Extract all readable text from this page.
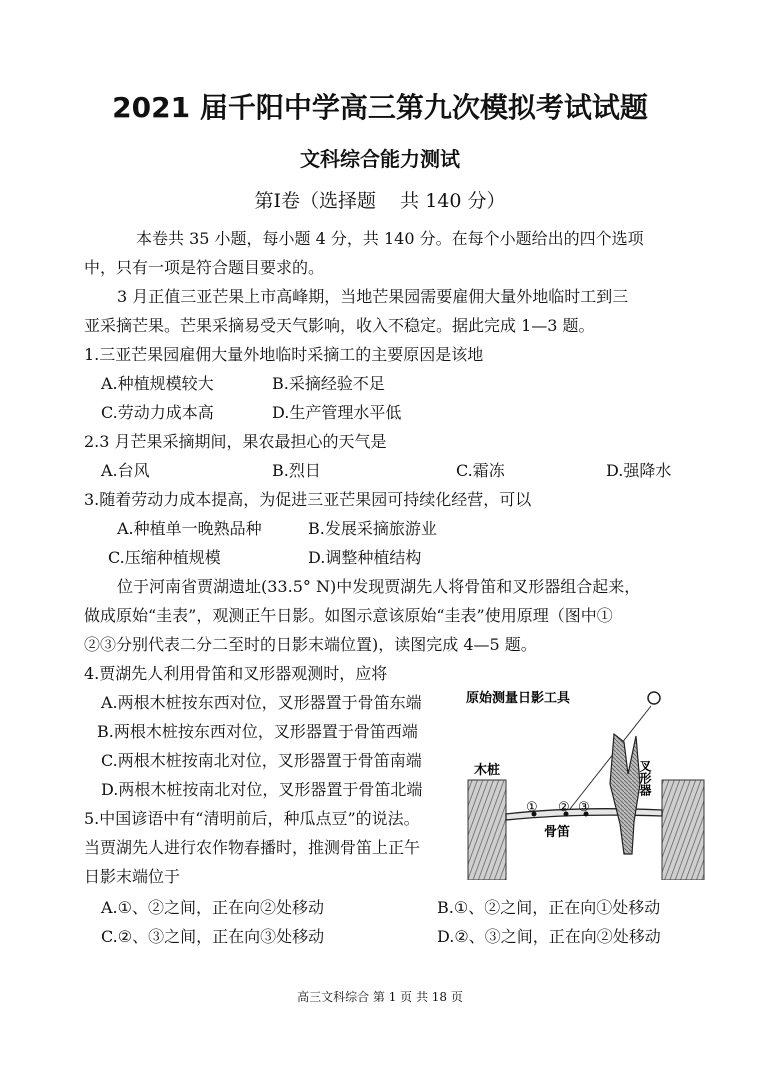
2021 届千阳中学高三第九次模拟考试试题
文科综合能力测试
第Ⅰ卷（选择题    共 140 分）
本卷共 35 小题，每小题 4 分，共 140 分。在每个小题给出的四个选项
中，只有一项是符合题目要求的。
3 月正值三亚芒果上市高峰期，当地芒果园需要雇佣大量外地临时工到三
亚采摘芒果。芒果采摘易受天气影响，收入不稳定。据此完成 1—3 题。
1.三亚芒果园雇佣大量外地临时采摘工的主要原因是该地
A.种植规模较大	B.采摘经验不足
C.劳动力成本高	D.生产管理水平低
2.3 月芒果采摘期间，果农最担心的天气是
A.台风	B.烈日	C.霜冻	D.强降水
3.随着劳动力成本提高，为促进三亚芒果园可持续化经营，可以
A.种植单一晚熟品种	B.发展采摘旅游业
C.压缩种植规模	D.调整种植结构
位于河南省贾湖遗址(33.5° N)中发现贾湖先人将骨笛和叉形器组合起来，
做成原始“圭表”，观测正午日影。如图示意该原始“圭表”使用原理（图中①
②③分别代表二分二至时的日影末端位置)，读图完成 4—5 题。
4.贾湖先人利用骨笛和叉形器观测时，应将
A.两根木桩按东西对位，叉形器置于骨笛东端
B.两根木桩按东西对位，叉形器置于骨笛西端
C.两根木桩按南北对位，叉形器置于骨笛南端
D.两根木桩按南北对位，叉形器置于骨笛北端
5.中国谚语中有“清明前后，种瓜点豆”的说法。
当贾湖先人进行农作物春播时，推测骨笛上正午
日影末端位于
A.①、②之间，正在向②处移动	B.①、②之间，正在向①处移动
C.②、③之间，正在向③处移动	D.②、③之间，正在向②处移动
原始测量日影工具
木桩	叉形器
① ② ③
骨笛
高三文科综合 第 1 页 共 18 页
